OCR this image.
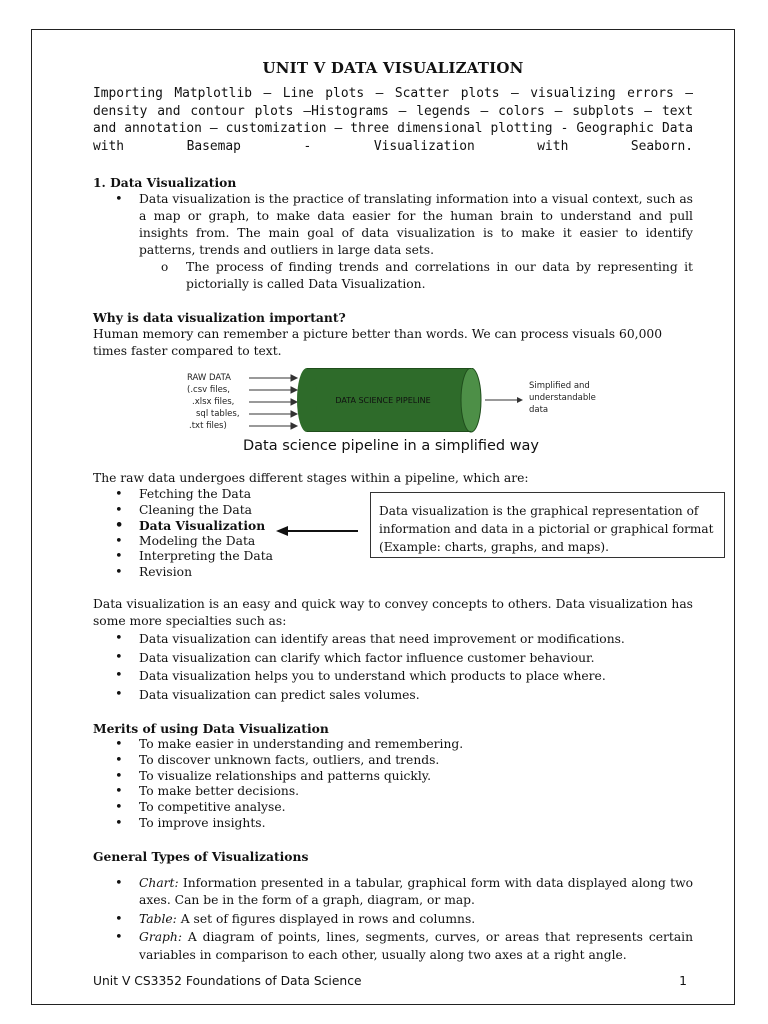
UNIT V DATA VISUALIZATION
Importing Matplotlib – Line plots – Scatter plots – visualizing errors – density and contour plots –Histograms – legends – colors – subplots – text and annotation – customization – three dimensional plotting - Geographic Data with Basemap - Visualization with Seaborn.
1. Data Visualization
• Data visualization is the practice of translating information into a visual context, such as a map or graph, to make data easier for the human brain to understand and pull insights from. The main goal of data visualization is to make it easier to identify patterns, trends and outliers in large data sets.
o The process of finding trends and correlations in our data by representing it pictorially is called Data Visualization.
Why is data visualization important?

Human memory can remember a picture better than words. We can process visuals 60,000 times faster compared to text.

RAW DATA
(.csv files,
.xlsx files,
sql tables,
.txt files)
DATA SCIENCE PIPELINE
Simplified and
understandable
data
Data science pipeline in a simplified way

The raw data undergoes different stages within a pipeline, which are:

• Fetching the Data
• Cleaning the Data
• Data Visualization
• Modeling the Data
• Interpreting the Data
• Revision
Data visualization is the graphical representation of information and data in a pictorial or graphical format (Example: charts, graphs, and maps).

Data visualization is an easy and quick way to convey concepts to others. Data visualization has some more specialties such as:

• Data visualization can identify areas that need improvement or modifications.
• Data visualization can clarify which factor influence customer behaviour.
• Data visualization helps you to understand which products to place where.
• Data visualization can predict sales volumes.
Merits of using Data Visualization
• To make easier in understanding and remembering.
• To discover unknown facts, outliers, and trends.
• To visualize relationships and patterns quickly.
• To make better decisions.
• To competitive analyse.
• To improve insights.
General Types of Visualizations
• Chart: Information presented in a tabular, graphical form with data displayed along two axes. Can be in the form of a graph, diagram, or map.
• Table: A set of figures displayed in rows and columns.
• Graph: A diagram of points, lines, segments, curves, or areas that represents certain variables in comparison to each other, usually along two axes at a right angle.
Unit V CS3352 Foundations of Data Science	1
